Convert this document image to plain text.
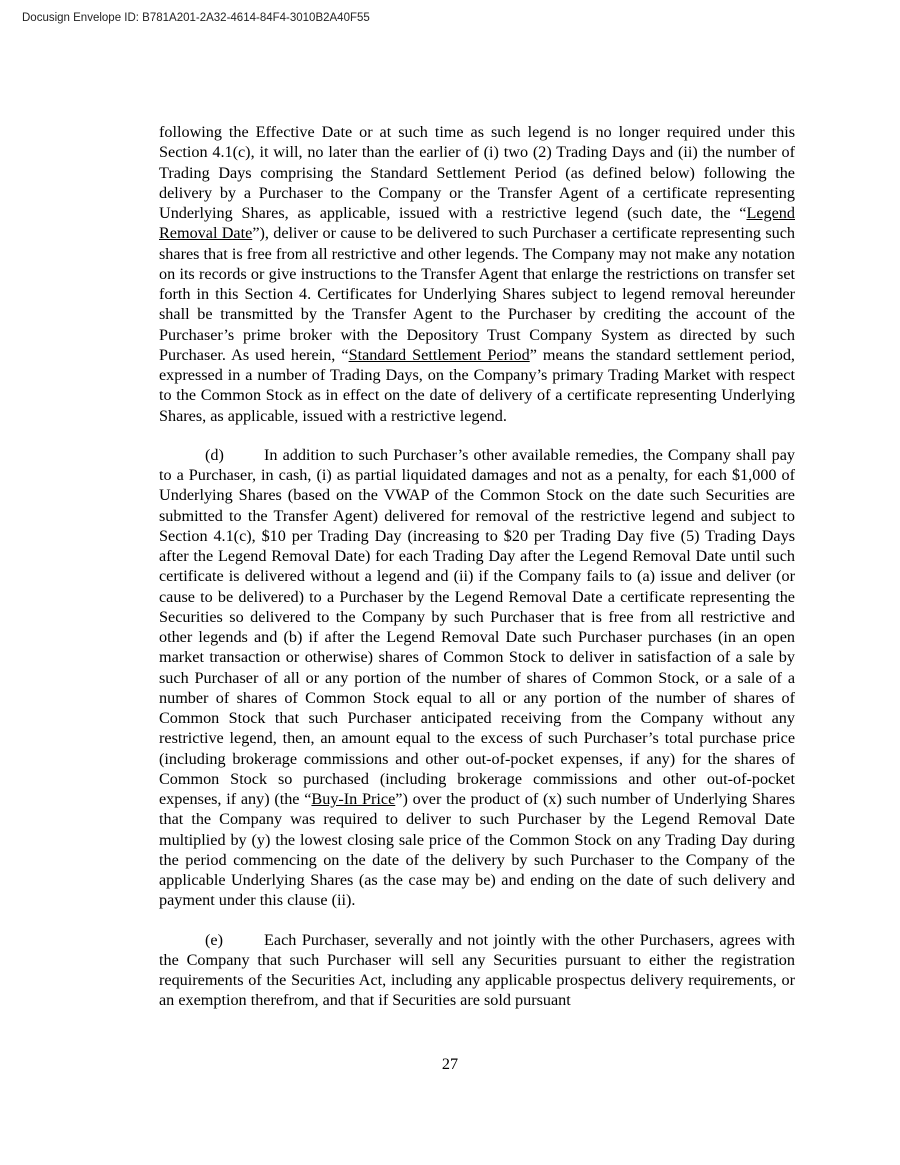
Docusign Envelope ID: B781A201-2A32-4614-84F4-3010B2A40F55

following the Effective Date or at such time as such legend is no longer required under this Section 4.1(c), it will, no later than the earlier of (i) two (2) Trading Days and (ii) the number of Trading Days comprising the Standard Settlement Period (as defined below) following the delivery by a Purchaser to the Company or the Transfer Agent of a certificate representing Underlying Shares, as applicable, issued with a restrictive legend (such date, the “Legend Removal Date”), deliver or cause to be delivered to such Purchaser a certificate representing such shares that is free from all restrictive and other legends. The Company may not make any notation on its records or give instructions to the Transfer Agent that enlarge the restrictions on transfer set forth in this Section 4. Certificates for Underlying Shares subject to legend removal hereunder shall be transmitted by the Transfer Agent to the Purchaser by crediting the account of the Purchaser’s prime broker with the Depository Trust Company System as directed by such Purchaser. As used herein, “Standard Settlement Period” means the standard settlement period, expressed in a number of Trading Days, on the Company’s primary Trading Market with respect to the Common Stock as in effect on the date of delivery of a certificate representing Underlying Shares, as applicable, issued with a restrictive legend.

(d) In addition to such Purchaser’s other available remedies, the Company shall pay to a Purchaser, in cash, (i) as partial liquidated damages and not as a penalty, for each $1,000 of Underlying Shares (based on the VWAP of the Common Stock on the date such Securities are submitted to the Transfer Agent) delivered for removal of the restrictive legend and subject to Section 4.1(c), $10 per Trading Day (increasing to $20 per Trading Day five (5) Trading Days after the Legend Removal Date) for each Trading Day after the Legend Removal Date until such certificate is delivered without a legend and (ii) if the Company fails to (a) issue and deliver (or cause to be delivered) to a Purchaser by the Legend Removal Date a certificate representing the Securities so delivered to the Company by such Purchaser that is free from all restrictive and other legends and (b) if after the Legend Removal Date such Purchaser purchases (in an open market transaction or otherwise) shares of Common Stock to deliver in satisfaction of a sale by such Purchaser of all or any portion of the number of shares of Common Stock, or a sale of a number of shares of Common Stock equal to all or any portion of the number of shares of Common Stock that such Purchaser anticipated receiving from the Company without any restrictive legend, then, an amount equal to the excess of such Purchaser’s total purchase price (including brokerage commissions and other out-of-pocket expenses, if any) for the shares of Common Stock so purchased (including brokerage commissions and other out-of-pocket expenses, if any) (the “Buy-In Price”) over the product of (x) such number of Underlying Shares that the Company was required to deliver to such Purchaser by the Legend Removal Date multiplied by (y) the lowest closing sale price of the Common Stock on any Trading Day during the period commencing on the date of the delivery by such Purchaser to the Company of the applicable Underlying Shares (as the case may be) and ending on the date of such delivery and payment under this clause (ii).

(e)	Each Purchaser, severally and not jointly with the other Purchasers, agrees with the Company that such Purchaser will sell any Securities pursuant to either the registration requirements of the Securities Act, including any applicable prospectus delivery requirements, or an exemption therefrom, and that if Securities are sold pursuant

27
